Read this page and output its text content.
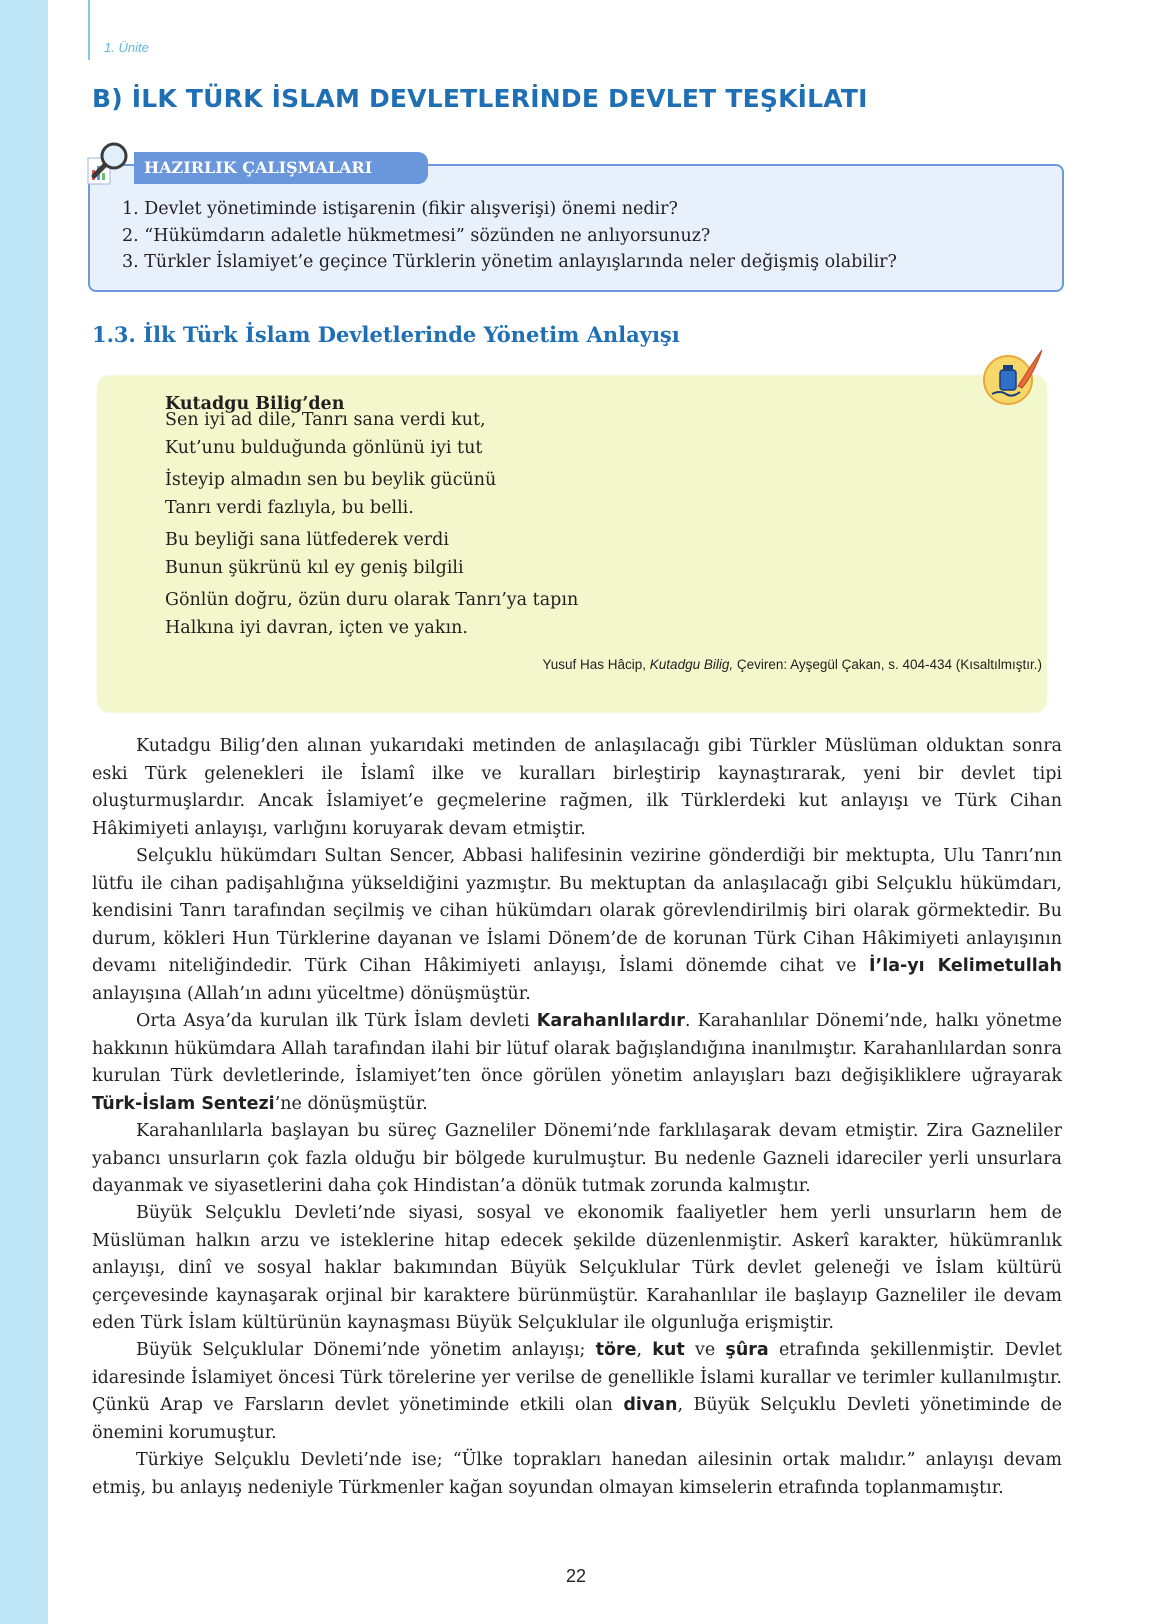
1. Ünite
B) İLK TÜRK İSLAM DEVLETLERİNDE DEVLET TEŞKİLATI
HAZIRLIK ÇALIŞMALARI
1. Devlet yönetiminde istişarenin (fikir alışverişi) önemi nedir?
2. “Hükümdarın adaletle hükmetmesi” sözünden ne anlıyorsunuz?
3. Türkler İslamiyet’e geçince Türklerin yönetim anlayışlarında neler değişmiş olabilir?
1.3. İlk Türk İslam Devletlerinde Yönetim Anlayışı
Kutadgu Bilig’den
Sen iyi ad dile, Tanrı sana verdi kut,
Kut’unu bulduğunda gönlünü iyi tut
İsteyip almadın sen bu beylik gücünü
Tanrı verdi fazlıyla, bu belli.
Bu beyliği sana lütfederek verdi
Bunun şükrünü kıl ey geniş bilgili
Gönlün doğru, özün duru olarak Tanrı’ya tapın
Halkına iyi davran, içten ve yakın.
Yusuf Has Hâcip, Kutadgu Bilig, Çeviren: Ayşegül Çakan, s. 404-434 (Kısaltılmıştır.)

Kutadgu Bilig’den alınan yukarıdaki metinden de anlaşılacağı gibi Türkler Müslüman olduktan sonra eski Türk gelenekleri ile İslamî ilke ve kuralları birleştirip kaynaştırarak, yeni bir devlet tipi oluşturmuşlardır. Ancak İslamiyet’e geçmelerine rağmen, ilk Türklerdeki kut anlayışı ve Türk Cihan Hâkimiyeti anlayışı, varlığını koruyarak devam etmiştir.

Selçuklu hükümdarı Sultan Sencer, Abbasi halifesinin vezirine gönderdiği bir mektupta, Ulu Tanrı’nın lütfu ile cihan padişahlığına yükseldiğini yazmıştır. Bu mektuptan da anlaşılacağı gibi Selçuklu hükümdarı, kendisini Tanrı tarafından seçilmiş ve cihan hükümdarı olarak görevlendirilmiş biri olarak görmektedir. Bu durum, kökleri Hun Türklerine dayanan ve İslami Dönem’de de korunan Türk Cihan Hâkimiyeti anlayışının devamı niteliğindedir. Türk Cihan Hâkimiyeti anlayışı, İslami dönemde cihat ve İ’la-yı Kelimetullah anlayışına (Allah’ın adını yüceltme) dönüşmüştür.

Orta Asya’da kurulan ilk Türk İslam devleti Karahanlılardır. Karahanlılar Dönemi’nde, halkı yönetme hakkının hükümdara Allah tarafından ilahi bir lütuf olarak bağışlandığına inanılmıştır. Karahanlılardan sonra kurulan Türk devletlerinde, İslamiyet’ten önce görülen yönetim anlayışları bazı değişikliklere uğrayarak Türk-İslam Sentezi’ne dönüşmüştür.

Karahanlılarla başlayan bu süreç Gazneliler Dönemi’nde farklılaşarak devam etmiştir. Zira Gazneliler yabancı unsurların çok fazla olduğu bir bölgede kurulmuştur. Bu nedenle Gazneli idareciler yerli unsurlara dayanmak ve siyasetlerini daha çok Hindistan’a dönük tutmak zorunda kalmıştır.

Büyük Selçuklu Devleti’nde siyasi, sosyal ve ekonomik faaliyetler hem yerli unsurların hem de Müslüman halkın arzu ve isteklerine hitap edecek şekilde düzenlenmiştir. Askerî karakter, hükümranlık anlayışı, dinî ve sosyal haklar bakımından Büyük Selçuklular Türk devlet geleneği ve İslam kültürü çerçevesinde kaynaşarak orjinal bir karaktere bürünmüştür. Karahanlılar ile başlayıp Gazneliler ile devam eden Türk İslam kültürünün kaynaşması Büyük Selçuklular ile olgunluğa erişmiştir.

Büyük Selçuklular Dönemi’nde yönetim anlayışı; töre, kut ve şûra etrafında şekillenmiştir. Devlet idaresinde İslamiyet öncesi Türk törelerine yer verilse de genellikle İslami kurallar ve terimler kullanılmıştır. Çünkü Arap ve Farsların devlet yönetiminde etkili olan divan, Büyük Selçuklu Devleti yönetiminde de önemini korumuştur.

Türkiye Selçuklu Devleti’nde ise; “Ülke toprakları hanedan ailesinin ortak malıdır.” anlayışı devam etmiş, bu anlayış nedeniyle Türkmenler kağan soyundan olmayan kimselerin etrafında toplanmamıştır.

22
